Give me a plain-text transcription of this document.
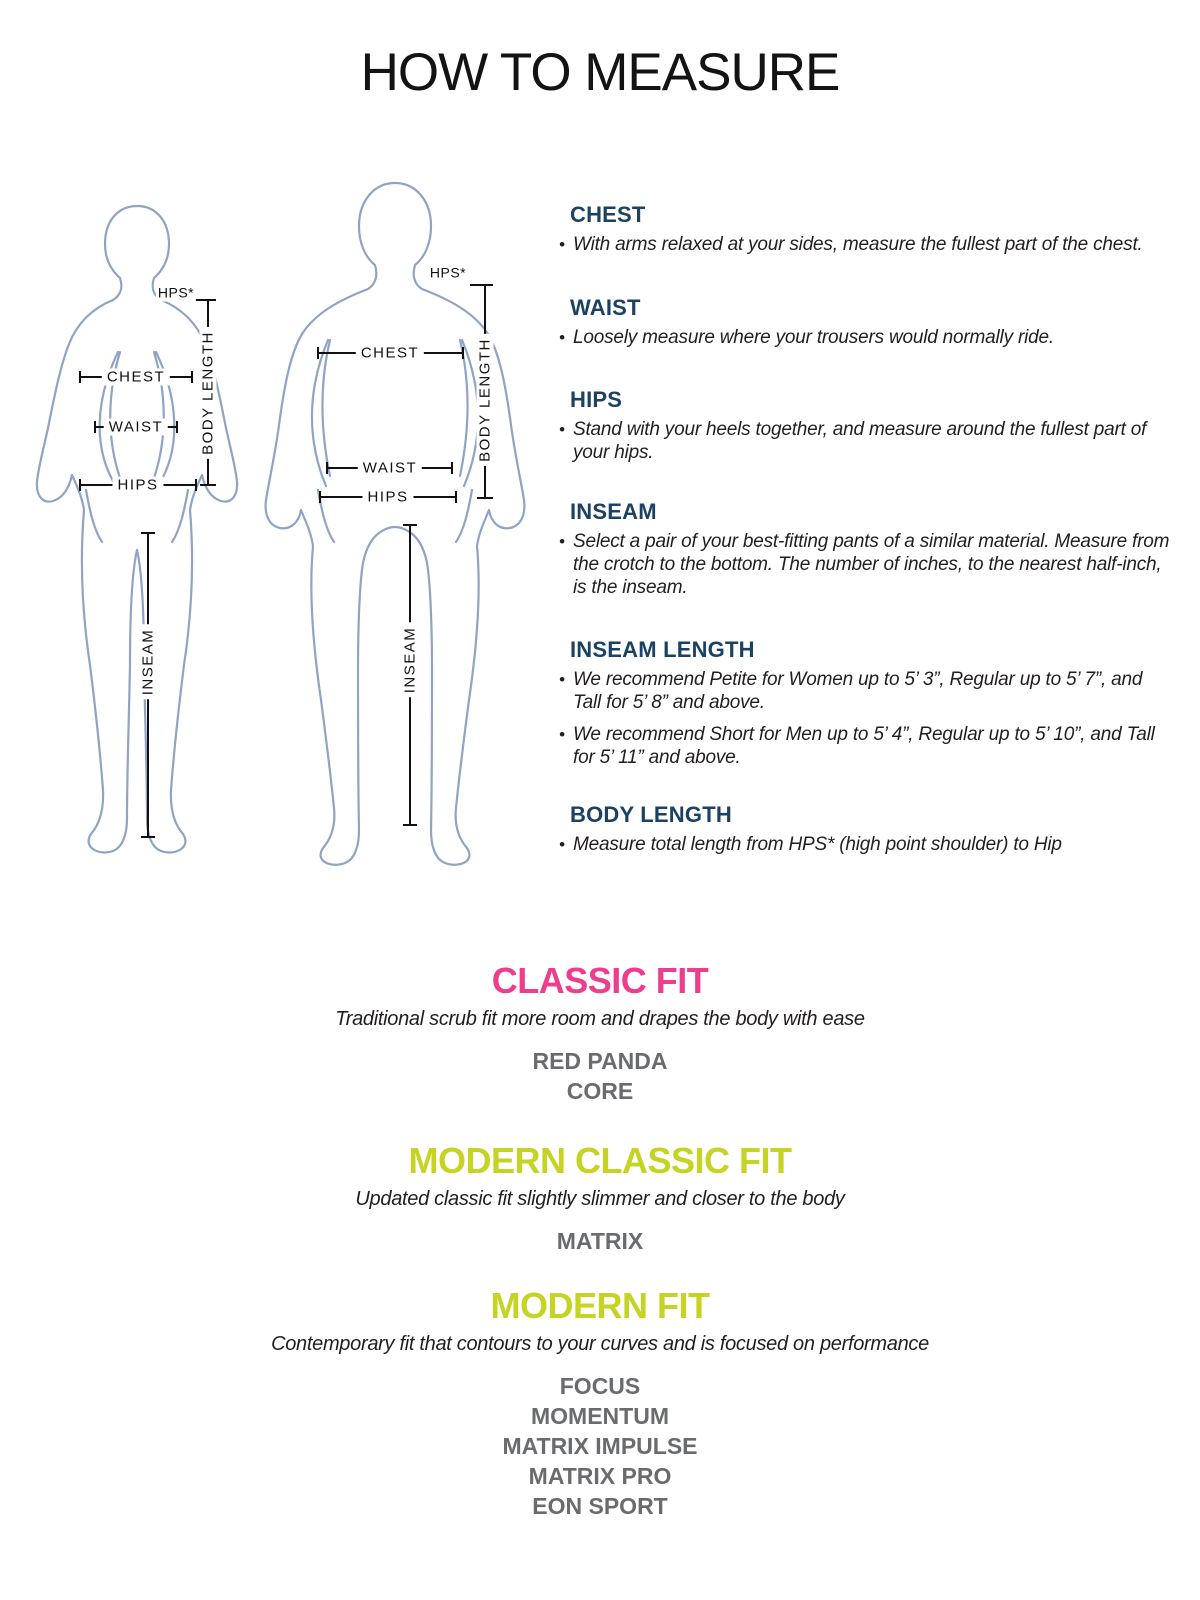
HOW TO MEASURE
CHEST
WAIST
HIPS
HPS*
BODY LENGTH
INSEAM
CHEST
WAIST
HIPS
HPS*
BODY LENGTH
INSEAM
CHEST
• With arms relaxed at your sides, measure the fullest part of the chest.
WAIST
• Loosely measure where your trousers would normally ride.
HIPS
• Stand with your heels together, and measure around the fullest part of your hips.
INSEAM
• Select a pair of your best-fitting pants of a similar material. Measure from the crotch to the bottom. The number of inches, to the nearest half-inch, is the inseam.
INSEAM LENGTH
• We recommend Petite for Women up to 5’ 3”, Regular up to 5’ 7”, and Tall for 5’ 8” and above.
• We recommend Short for Men up to 5’ 4”, Regular up to 5’ 10”, and Tall for 5’ 11” and above.
BODY LENGTH
• Measure total length from HPS* (high point shoulder) to Hip
CLASSIC FIT

Traditional scrub fit more room and drapes the body with ease

RED PANDA
CORE
MODERN CLASSIC FIT

Updated classic fit slightly slimmer and closer to the body

MATRIX
MODERN FIT

Contemporary fit that contours to your curves and is focused on performance

FOCUS
MOMENTUM
MATRIX IMPULSE
MATRIX PRO
EON SPORT
